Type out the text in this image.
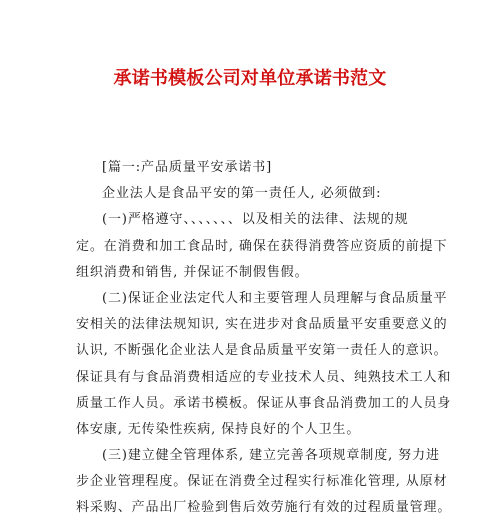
承诺书模板公司对单位承诺书范文
[篇一:产品质量平安承诺书]
企业法人是食品平安的第一责任人, 必须做到:
(一)严格遵守、、、、、、、以及相关的法律、法规的规
定。在消费和加工食品时, 确保在获得消费答应资质的前提下
组织消费和销售, 并保证不制假售假。
(二)保证企业法定代人和主要管理人员理解与食品质量平
安相关的法律法规知识, 实在进步对食品质量平安重要意义的
认识, 不断强化企业法人是食品质量平安第一责任人的意识。
保证具有与食品消费相适应的专业技术人员、纯熟技术工人和
质量工作人员。承诺书模板。保证从事食品消费加工的人员身
体安康, 无传染性疾病, 保持良好的个人卫生。
(三)建立健全管理体系, 建立完善各项规章制度, 努力进
步企业管理程度。保证在消费全过程实行标准化管理, 从原材
料采购、产品出厂检验到售后效劳施行有效的过程质量管理。
